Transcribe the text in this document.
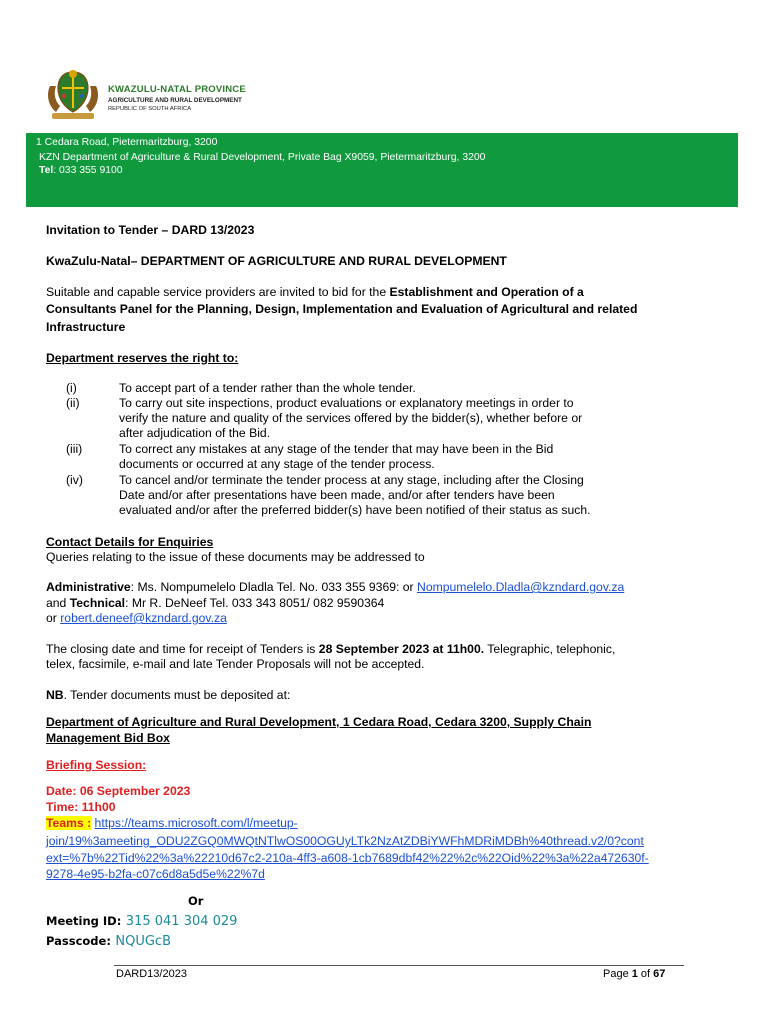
KWAZULU-NATAL PROVINCE
AGRICULTURE AND RURAL DEVELOPMENT
REPUBLIC OF SOUTH AFRICA
1 Cedara Road, Pietermaritzburg, 3200
KZN Department of Agriculture & Rural Development, Private Bag X9059, Pietermaritzburg, 3200
Tel: 033 355 9100
Invitation to Tender – DARD 13/2023
KwaZulu-Natal– DEPARTMENT OF AGRICULTURE AND RURAL DEVELOPMENT
Suitable and capable service providers are invited to bid for the Establishment and Operation of a
Consultants Panel for the Planning, Design, Implementation and Evaluation of Agricultural and related
Infrastructure
Department reserves the right to:
(i)	To accept part of a tender rather than the whole tender.
(ii)	To carry out site inspections, product evaluations or explanatory meetings in order to
verify the nature and quality of the services offered by the bidder(s), whether before or
after adjudication of the Bid.
(iii)	To correct any mistakes at any stage of the tender that may have been in the Bid
documents or occurred at any stage of the tender process.
(iv)	To cancel and/or terminate the tender process at any stage, including after the Closing
Date and/or after presentations have been made, and/or after tenders have been
evaluated and/or after the preferred bidder(s) have been notified of their status as such.
Contact Details for Enquiries
Queries relating to the issue of these documents may be addressed to
Administrative: Ms. Nompumelelo Dladla Tel. No. 033 355 9369: or Nompumelelo.Dladla@kzndard.gov.za
and Technical: Mr R. DeNeef Tel. 033 343 8051/ 082 9590364
or robert.deneef@kzndard.gov.za
The closing date and time for receipt of Tenders is 28 September 2023 at 11h00. Telegraphic, telephonic,
telex, facsimile, e-mail and late Tender Proposals will not be accepted.
NB. Tender documents must be deposited at:
Department of Agriculture and Rural Development, 1 Cedara Road, Cedara 3200, Supply Chain
Management Bid Box
Briefing Session:
Date: 06 September 2023
Time: 11h00
Teams : https://teams.microsoft.com/l/meetup-
join/19%3ameeting_ODU2ZGQ0MWQtNTlwOS00OGUyLTk2NzAtZDBiYWFhMDRiMDBh%40thread.v2/0?cont
ext=%7b%22Tid%22%3a%22210d67c2-210a-4ff3-a608-1cb7689dbf42%22%2c%22Oid%22%3a%22a472630f-
9278-4e95-b2fa-c07c6d8a5d5e%22%7d
Or
Meeting ID: 315 041 304 029
Passcode: NQUGcB
DARD13/2023	Page 1 of 67
